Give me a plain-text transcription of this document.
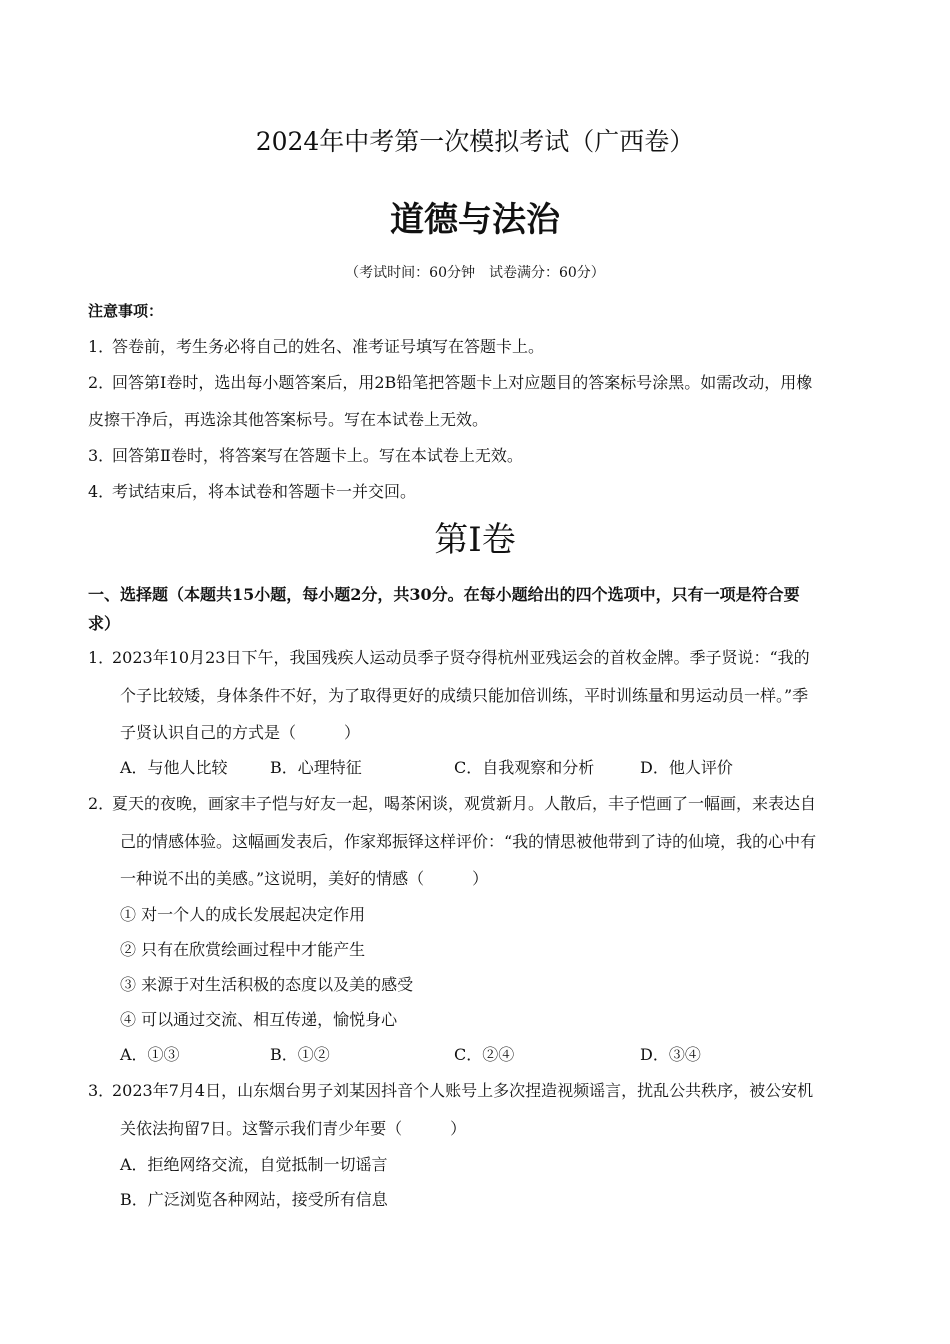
2024年中考第一次模拟考试（广西卷）
道德与法治
（考试时间：60分钟　试卷满分：60分）
注意事项：
1．
答卷前，考生务必将自己的姓名、准考证号填写在答题卡上。
2．
回答第Ⅰ卷时，选出每小题答案后，用2B铅笔把答题卡上对应题目的答案标号涂黑。如需改动，用橡
皮擦干净后，再选涂其他答案标号。写在本试卷上无效。
3．
回答第Ⅱ卷时，将答案写在答题卡上。写在本试卷上无效。
4．
考试结束后，将本试卷和答题卡一并交回。
第Ⅰ卷
一、选择题（本题共15小题，每小题2分，共30分。在每小题给出的四个选项中，只有一项是符合要
求）
1．
2023年10月23日下午，我国残疾人运动员季子贤夺得杭州亚残运会的首枚金牌。季子贤说：“我的
个子比较矮，身体条件不好，为了取得更好的成绩只能加倍训练，平时训练量和男运动员一样。”季
子贤认识自己的方式是（　　　）
A．与他人比较	B．心理特征	C．自我观察和分析	D．他人评价
2．
夏天的夜晚，画家丰子恺与好友一起，喝茶闲谈，观赏新月。人散后，丰子恺画了一幅画，来表达自
己的情感体验。这幅画发表后，作家郑振铎这样评价：“我的情思被他带到了诗的仙境，我的心中有
一种说不出的美感。”这说明，美好的情感（　　　）
① 对一个人的成长发展起决定作用
② 只有在欣赏绘画过程中才能产生
③ 来源于对生活积极的态度以及美的感受
④ 可以通过交流、相互传递，愉悦身心
A．①③	B．①②	C．②④	D．③④
3．
2023年7月4日，山东烟台男子刘某因抖音个人账号上多次捏造视频谣言，扰乱公共秩序，被公安机
关依法拘留7日。这警示我们青少年要（　　　）
A．拒绝网络交流，自觉抵制一切谣言
B．广泛浏览各种网站，接受所有信息
